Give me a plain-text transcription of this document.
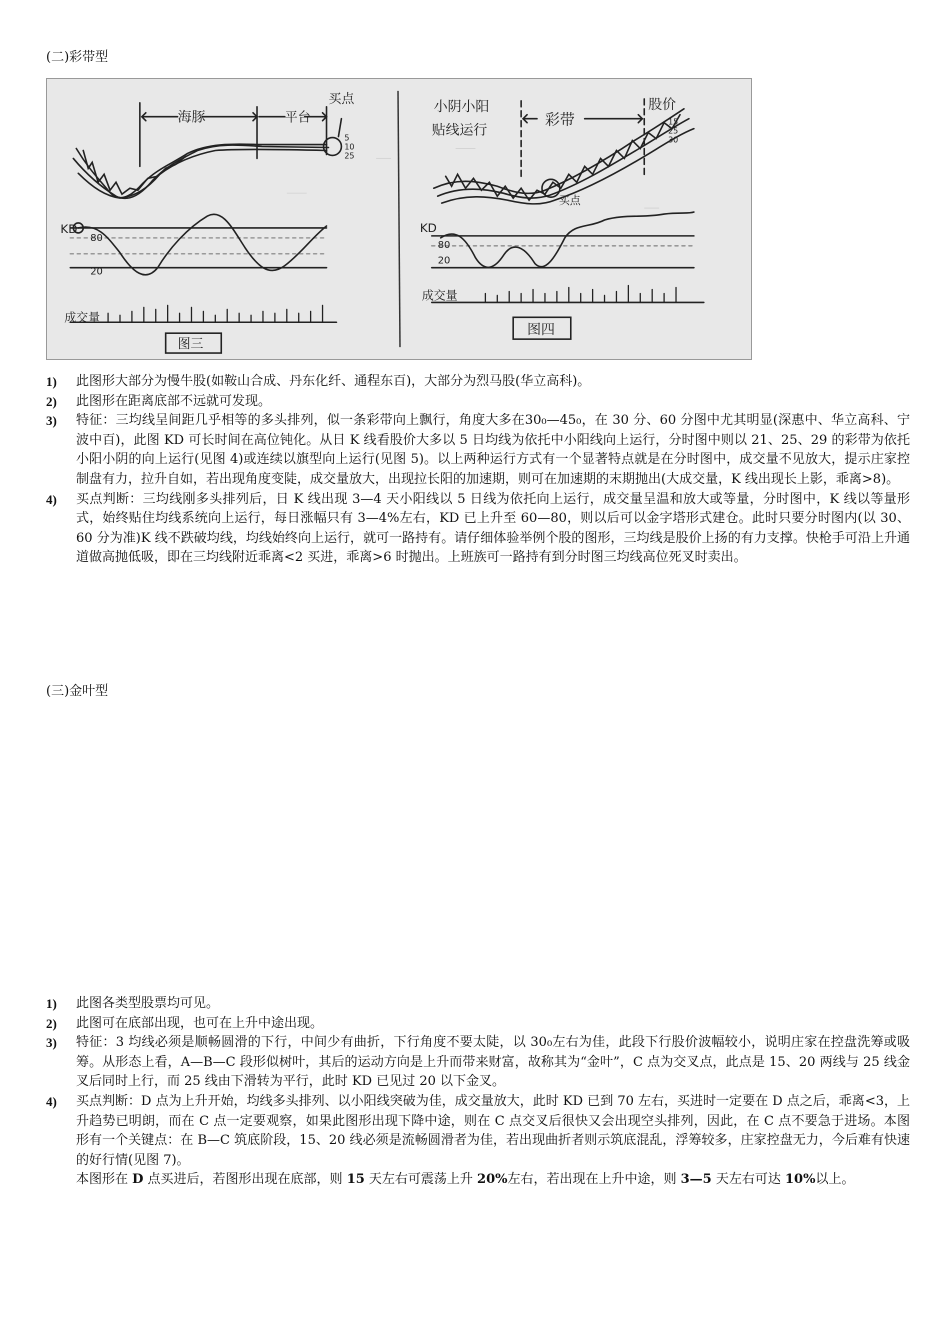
(二)彩带型
海豚	平台
买点
5
10
25
KD
80
20
成交量
图三
小阴小阳
贴线运行
彩带
股价
15
25
30
买点
KD
80
20
成交量
图四
1) 此图形大部分为慢牛股(如鞍山合成、丹东化纤、通程东百)，大部分为烈马股(华立高科)。
2) 此图形在距离底部不远就可发现。
3) 特征：三均线呈间距几乎相等的多头排列，似一条彩带向上飘行，角度大多在30₀—45₀，在 30 分、60 分图中尤其明显(深惠中、华立高科、宁波中百)，此图 KD 可长时间在高位钝化。从日 K 线看股价大多以 5 日均线为依托中小阳线向上运行，分时图中则以 21、25、29 的彩带为依托小阳小阴的向上运行(见图 4)或连续以旗型向上运行(见图 5)。以上两种运行方式有一个显著特点就是在分时图中，成交量不见放大，提示庄家控制盘有力，拉升自如，若出现角度变陡，成交量放大，出现拉长阳的加速期，则可在加速期的末期抛出(大成交量，K 线出现长上影，乖离>8)。
4) 买点判断：三均线刚多头排列后，日 K 线出现 3—4 天小阳线以 5 日线为依托向上运行，成交量呈温和放大或等量，分时图中，K 线以等量形式，始终贴住均线系统向上运行，每日涨幅只有 3—4%左右，KD 已上升至 60—80，则以后可以金字塔形式建仓。此时只要分时图内(以 30、60 分为准)K 线不跌破均线，均线始终向上运行，就可一路持有。请仔细体验举例个股的图形，三均线是股价上扬的有力支撑。快枪手可沿上升通道做高抛低吸，即在三均线附近乖离<2 买进，乖离>6 时抛出。上班族可一路持有到分时图三均线高位死叉时卖出。
(三)金叶型
1) 此图各类型股票均可见。
2) 此图可在底部出现，也可在上升中途出现。
3) 特征：3 均线必须是顺畅圆滑的下行，中间少有曲折，下行角度不要太陡，以 30₀左右为佳，此段下行股价波幅较小，说明庄家在控盘洗筹或吸筹。从形态上看，A—B—C 段形似树叶，其后的运动方向是上升而带来财富，故称其为“金叶”，C 点为交叉点，此点是 15、20 两线与 25 线金叉后同时上行，而 25 线由下滑转为平行，此时 KD 已见过 20 以下金叉。
4) 买点判断：D 点为上升开始，均线多头排列、以小阳线突破为佳，成交量放大，此时 KD 已到 70 左右，买进时一定要在 D 点之后，乖离<3，上升趋势已明朗，而在 C 点一定要观察，如果此图形出现下降中途，则在 C 点交叉后很快又会出现空头排列，因此，在 C 点不要急于进场。本图形有一个关键点：在 B—C 筑底阶段，15、20 线必须是流畅圆滑者为佳，若出现曲折者则示筑底混乱，浮筹较多，庄家控盘无力，今后难有快速的好行情(见图 7)。
本图形在 D 点买进后，若图形出现在底部，则 15 天左右可震荡上升 20%左右，若出现在上升中途，则 3—5 天左右可达 10%以上。
